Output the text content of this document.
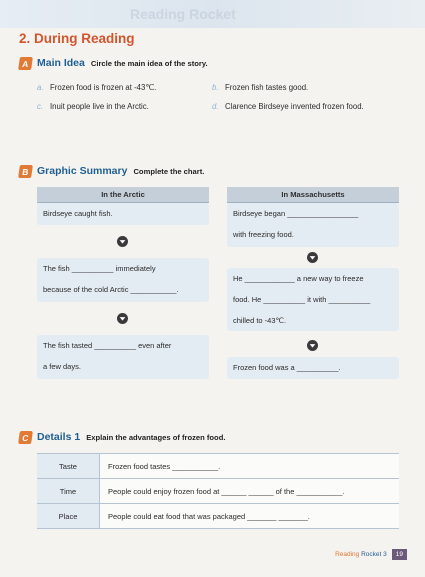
Reading Rocket
2. During Reading
A Main Idea Circle the main idea of the story.
a. Frozen food is frozen at -43℃.	b. Frozen fish tastes good.
c. Inuit people live in the Arctic.	d. Clarence Birdseye invented frozen food.
B Graphic Summary Complete the chart.
In the Arctic	In Massachusetts
Birdseye caught fish.
The fish __________ immediately
because of the cold Arctic ___________.
The fish tasted __________ even after
a few days.
Birdseye began _________________
with freezing food.
He ____________ a new way to freeze
food. He __________ it with __________
chilled to -43℃.
Frozen food was a __________.
C Details 1 Explain the advantages of frozen food.
Taste	Frozen food tastes ___________.
Time	People could enjoy frozen food at ______ ______ of the ___________.
Place	People could eat food that was packaged _______ _______.
Reading Rocket 3	19
